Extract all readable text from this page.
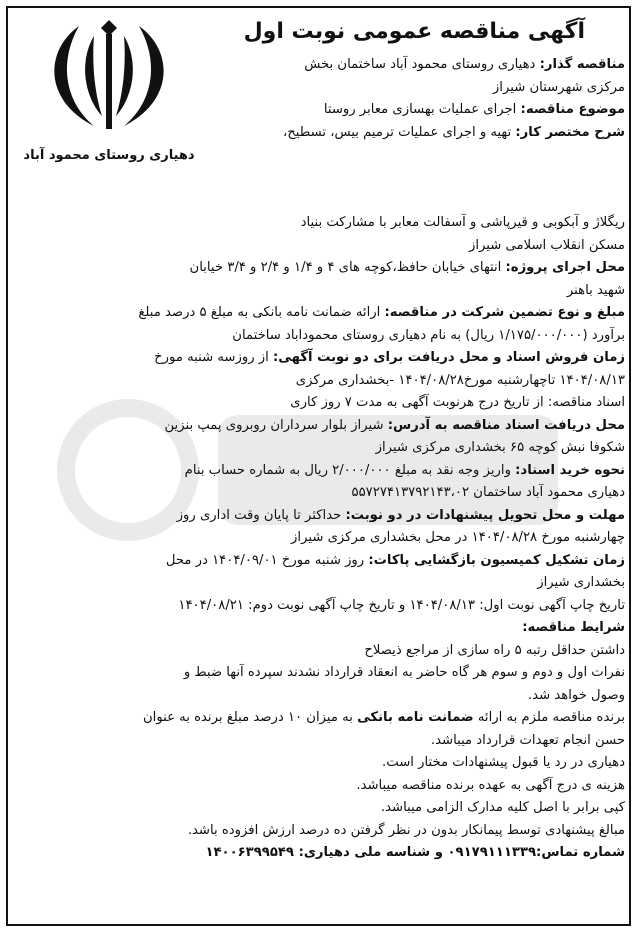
دهیاری روستای محمود آباد
آگهی مناقصه عمومی نوبت اول
مناقصه گذار: دهیاری روستای محمود آباد ساختمان بخش
مرکزی شهرستان شیراز
موضوع مناقصه: اجرای عملیات بهسازی معابر روستا
شرح مختصر کار: تهیه و اجرای عملیات ترمیم بیس، تسطیح،
ریگلاژ و آبکوبی و قیرپاشی و آسفالت معابر با مشارکت بنیاد
مسکن انقلاب اسلامی شیراز
محل اجرای پروژه: انتهای خیابان حافظ،کوچه های ۴ و ۱/۴ و ۲/۴ و ۳/۴ خیابان
شهید باهنر
مبلغ و نوع تضمین شرکت در مناقصه: ارائه ضمانت نامه بانکی به مبلغ ۵ درصد مبلغ
برآورد (۱/۱۷۵/۰۰۰/۰۰۰ ریال) به نام دهیاری روستای محموداباد ساختمان
زمان فروش اسناد و محل دریافت برای دو نوبت آگهی: از روزسه شنبه مورخ
۱۴۰۴/۰۸/۱۳ تاچهارشنبه مورخ۱۴۰۴/۰۸/۲۸ -بخشداری مرکزی
اسناد مناقصه: از تاریخ درج هرنوبت آگهی به مدت ۷ روز کاری
محل دریافت اسناد مناقصه به آدرس: شیراز بلوار سرداران روبروی پمپ بنزین
شکوفا نبش کوچه ۶۵ بخشداری مرکزی شیراز
نحوه خرید اسناد: واریز وجه نقد به مبلغ ۲/۰۰۰/۰۰۰ ریال به شماره حساب بنام
دهیاری محمود آباد ساختمان ۵۵۷۲۷۴۱۳۷۹۲۱۴۳،۰۲
مهلت و محل تحویل پیشنهادات در دو نوبت: حداکثر تا پایان وقت اداری روز
چهارشنبه مورخ ۱۴۰۴/۰۸/۲۸ در محل بخشداری مرکزی شیراز
زمان تشکیل کمیسیون بازگشایی پاکات: روز شنبه مورخ ۱۴۰۴/۰۹/۰۱ در محل
بخشداری شیراز
تاریخ چاپ آگهی نوبت اول: ۱۴۰۴/۰۸/۱۳ و تاریخ چاپ آگهی نوبت دوم: ۱۴۰۴/۰۸/۲۱
شرایط مناقصه:
داشتن حداقل رتبه ۵ راه سازی از مراجع ذیصلاح
نفرات اول و دوم و سوم هر گاه حاضر به انعقاد قرارداد نشدند سپرده آنها ضبط و
وصول خواهد شد.
برنده مناقصه ملزم به ارائه ضمانت نامه بانکی به میزان ۱۰ درصد مبلغ برنده به عنوان
حسن انجام تعهدات قرارداد میباشد.
دهیاری در رد یا قبول پیشنهادات مختار است.
هزینه ی درج آگهی به عهده برنده مناقصه میباشد.
کپی برابر با اصل کلیه مدارک الزامی میباشد.
مبالغ پیشنهادی توسط پیمانکار بدون در نظر گرفتن ده درصد ارزش افزوده باشد.
شماره تماس:۰۹۱۷۹۱۱۱۳۳۹ و شناسه ملی دهیاری: ۱۴۰۰۶۳۹۹۵۴۹
